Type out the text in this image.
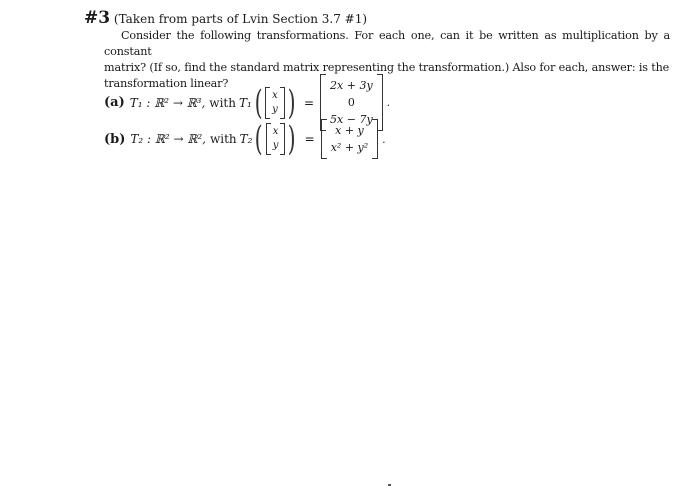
#3 (Taken from parts of Lvin Section 3.7 #1)
Consider the following transformations. For each one, can it be written as multiplication by a constant
matrix? (If so, find the standard matrix representing the transformation.) Also for each, answer: is the
transformation linear?
(a) T₁ : ℝ² → ℝ³, with T₁ ( x
y ) =
2x + 3y
0
5x − 7y
.
(b) T₂ : ℝ² → ℝ², with T₂ ( x
y ) =
x + y
x² + y²
.
